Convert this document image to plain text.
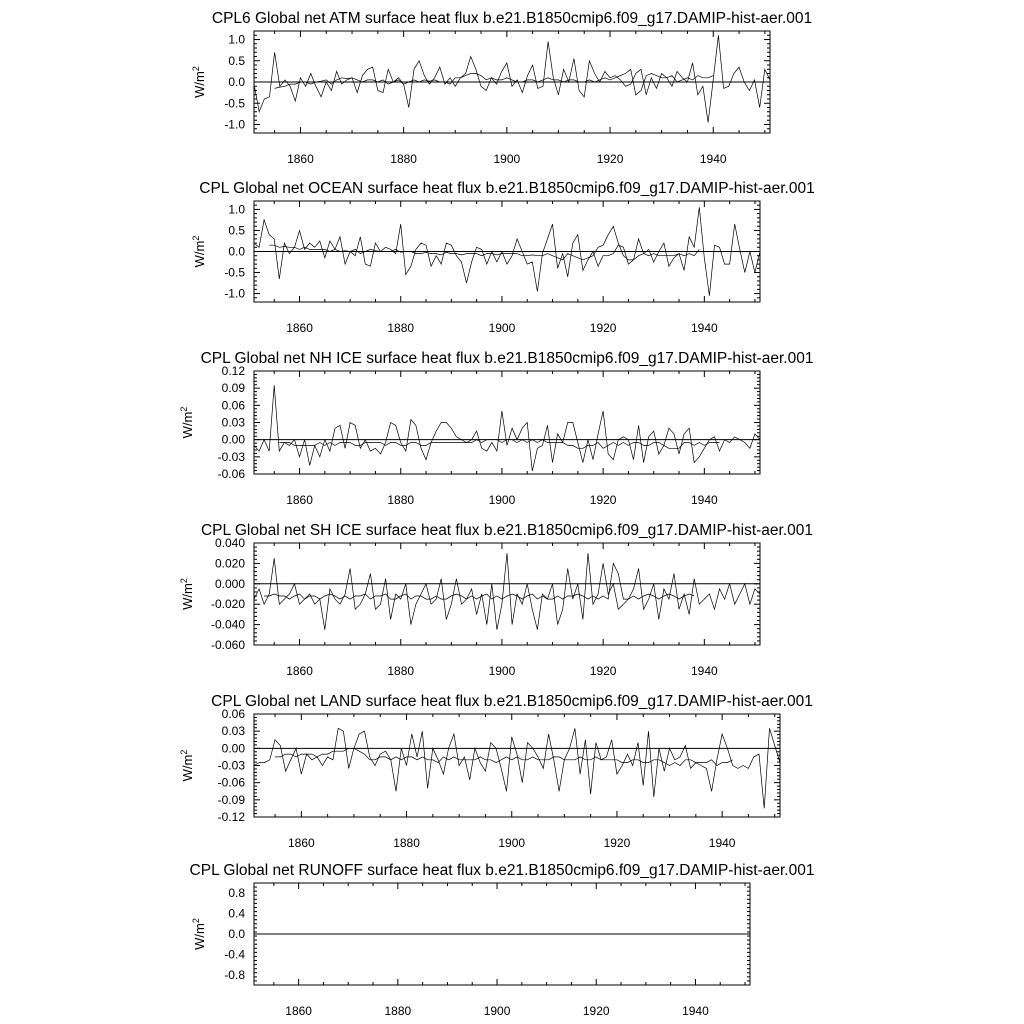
CPL6 Global net ATM surface heat flux b.e21.B1850cmip6.f09_g17.DAMIP-hist-aer.001
1860	1880	1900	1920	1940
1.0
0.5
0.0
-0.5
-1.0
$W/m^2$
CPL Global net OCEAN surface heat flux b.e21.B1850cmip6.f09_g17.DAMIP-hist-aer.001
1860	1880	1900	1920	1940
1.0
0.5
0.0
-0.5
-1.0
$W/m^2$
CPL Global net NH ICE surface heat flux b.e21.B1850cmip6.f09_g17.DAMIP-hist-aer.001
1860	1880	1900	1920	1940
0.12
0.09
0.06
0.03
0.00
-0.03
-0.06
$W/m^2$
CPL Global net SH ICE surface heat flux b.e21.B1850cmip6.f09_g17.DAMIP-hist-aer.001
1860	1880	1900	1920	1940
0.040
0.020
0.000
-0.020
-0.040
-0.060
$W/m^2$
CPL Global net LAND surface heat flux b.e21.B1850cmip6.f09_g17.DAMIP-hist-aer.001
1860	1880	1900	1920	1940
0.06
0.03
0.00
-0.03
-0.06
-0.09
-0.12
$W/m^2$
CPL Global net RUNOFF surface heat flux b.e21.B1850cmip6.f09_g17.DAMIP-hist-aer.001
1860	1880	1900	1920	1940
0.8
0.4
0.0
-0.4
-0.8
$W/m^2$
